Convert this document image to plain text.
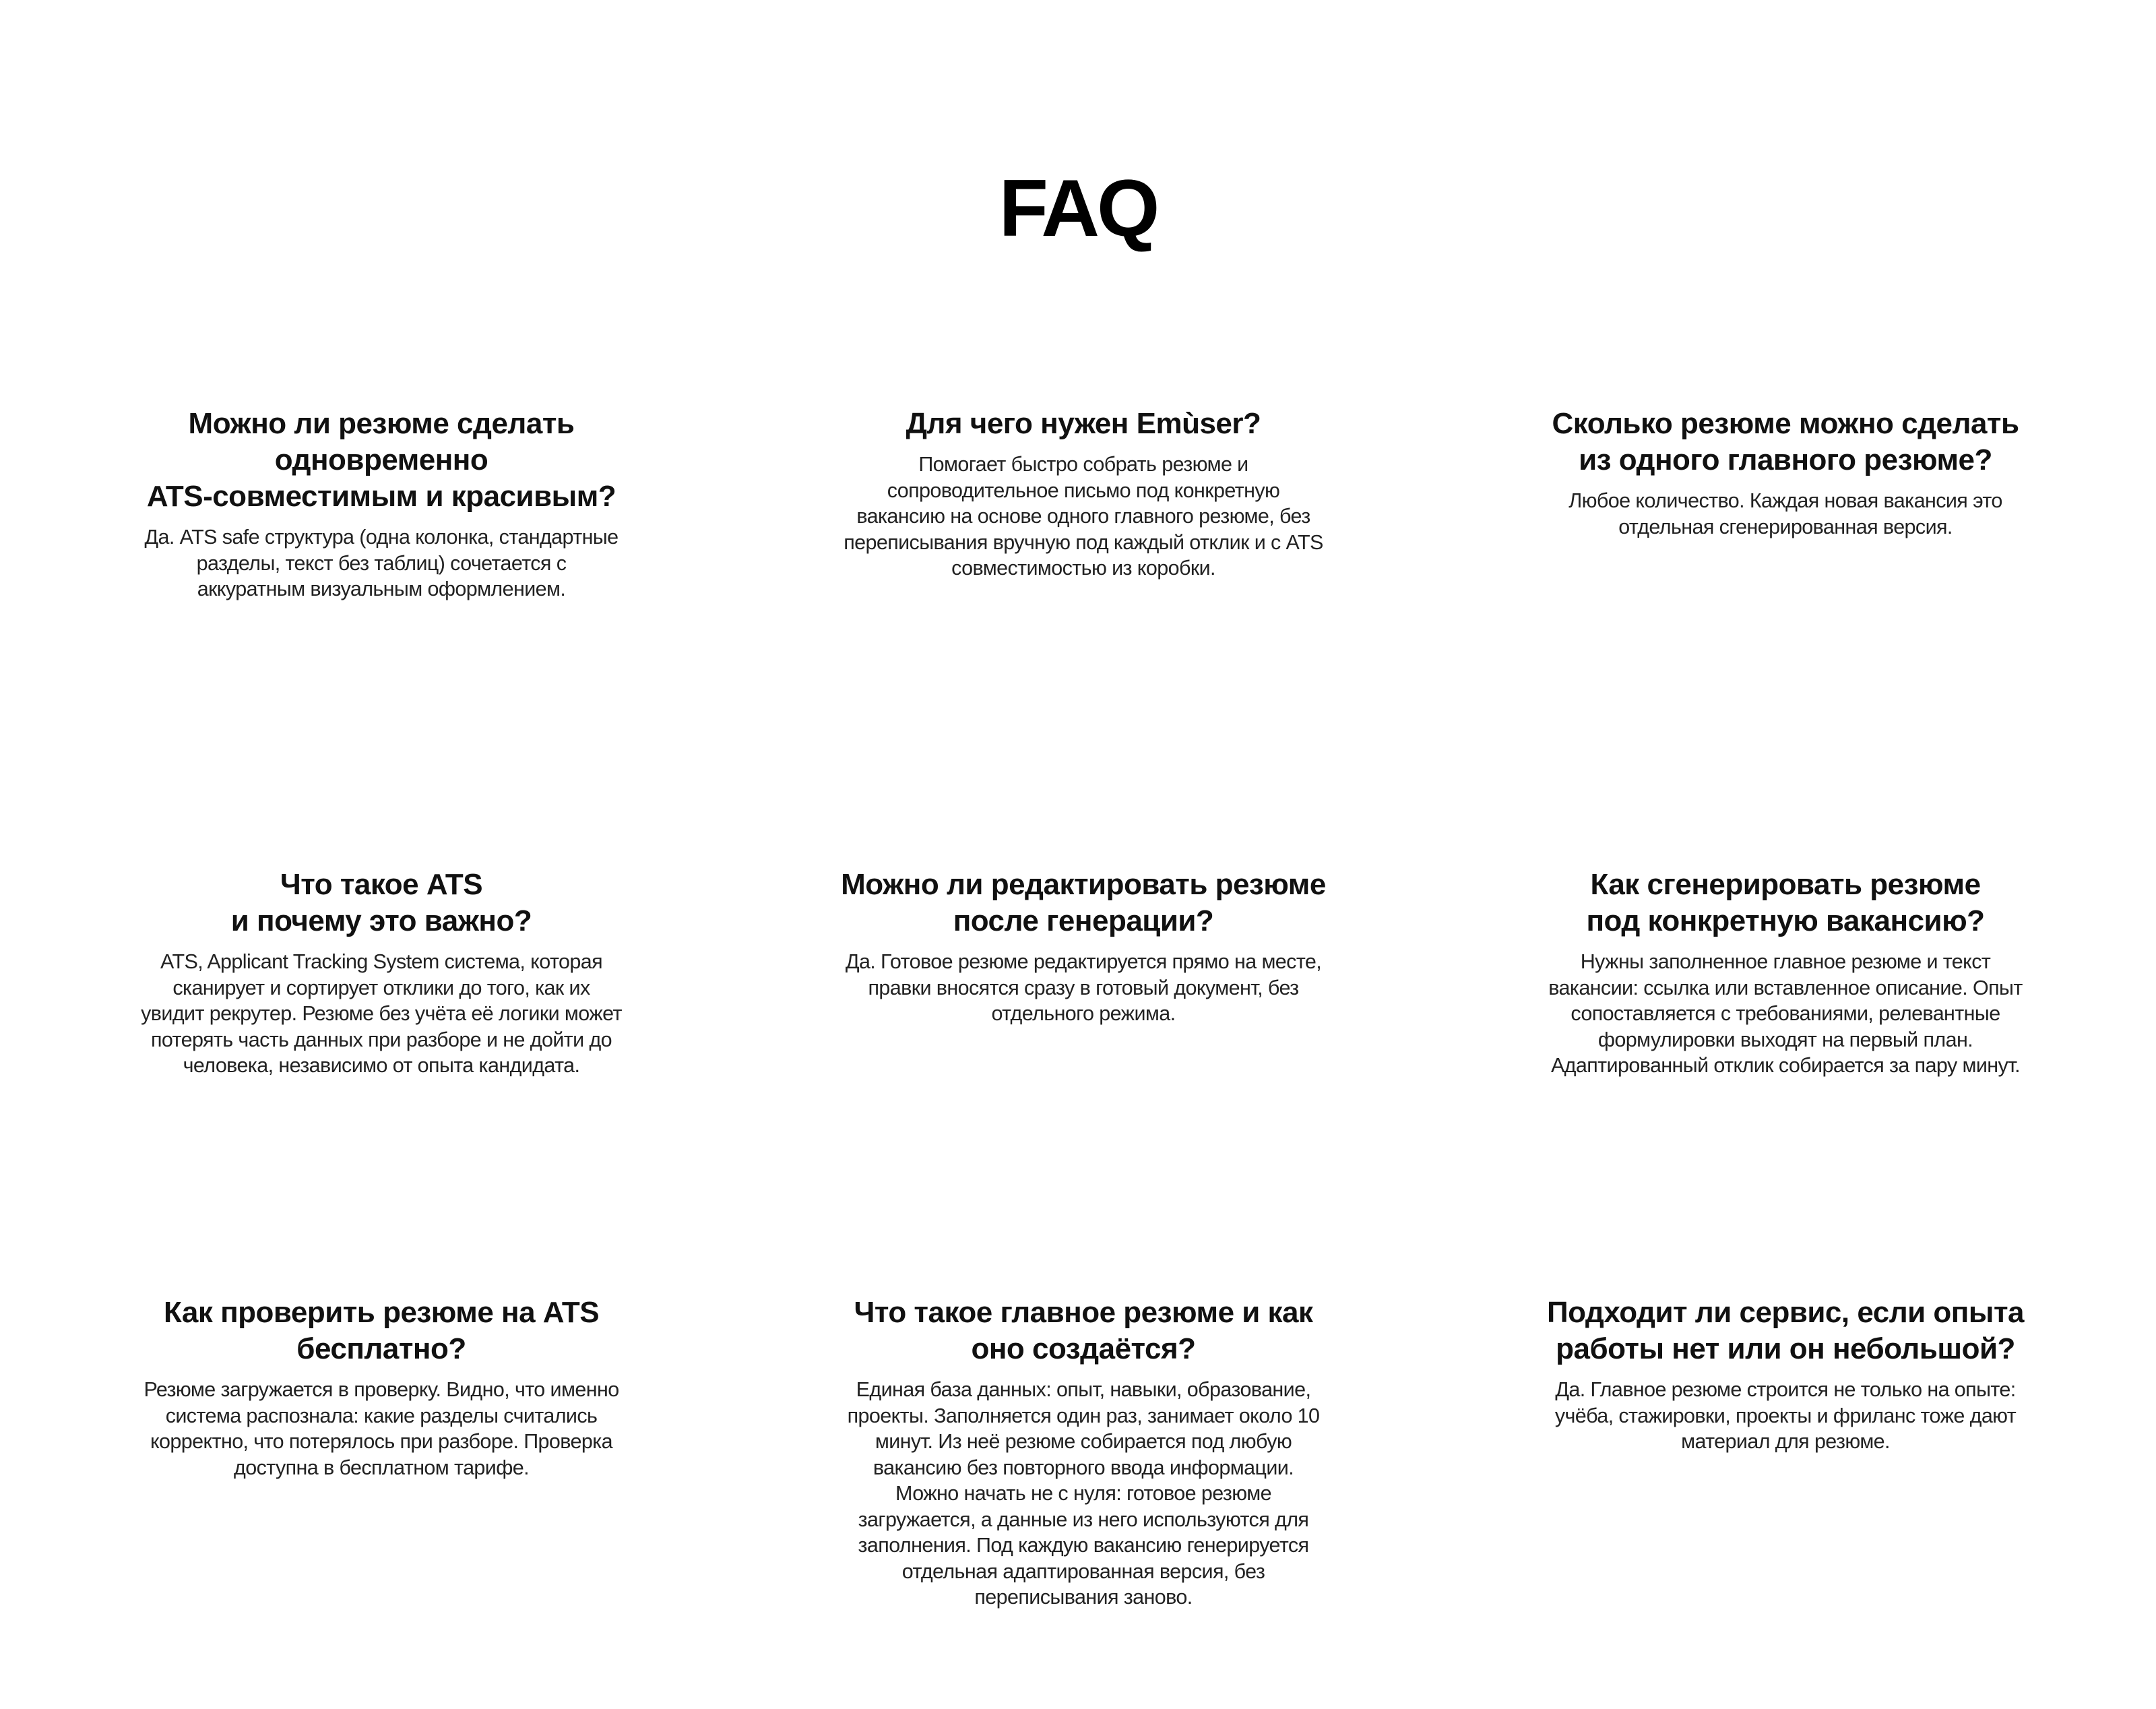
FAQ
Можно ли резюме сделать
одновременно
ATS-совместимым и красивым?

Да. ATS safe структура (одна колонка, стандартные
разделы, текст без таблиц) сочетается с
аккуратным визуальным оформлением.

Для чего нужен Emùser?

Помогает быстро собрать резюме и
сопроводительное письмо под конкретную
вакансию на основе одного главного резюме, без
переписывания вручную под каждый отклик и с ATS
совместимостью из коробки.

Сколько резюме можно сделать
из одного главного резюме?

Любое количество. Каждая новая вакансия это
отдельная сгенерированная версия.

Что такое ATS
и почему это важно?

ATS, Applicant Tracking System система, которая
сканирует и сортирует отклики до того, как их
увидит рекрутер. Резюме без учёта её логики может
потерять часть данных при разборе и не дойти до
человека, независимо от опыта кандидата.

Можно ли редактировать резюме
после генерации?

Да. Готовое резюме редактируется прямо на месте,
правки вносятся сразу в готовый документ, без
отдельного режима.

Как сгенерировать резюме
под конкретную вакансию?

Нужны заполненное главное резюме и текст
вакансии: ссылка или вставленное описание. Опыт
сопоставляется с требованиями, релевантные
формулировки выходят на первый план.
Адаптированный отклик собирается за пару минут.

Как проверить резюме на ATS
бесплатно?

Резюме загружается в проверку. Видно, что именно
система распознала: какие разделы считались
корректно, что потерялось при разборе. Проверка
доступна в бесплатном тарифе.

Что такое главное резюме и как
оно создаётся?

Единая база данных: опыт, навыки, образование,
проекты. Заполняется один раз, занимает около 10
минут. Из неё резюме собирается под любую
вакансию без повторного ввода информации.
Можно начать не с нуля: готовое резюме
загружается, а данные из него используются для
заполнения. Под каждую вакансию генерируется
отдельная адаптированная версия, без
переписывания заново.

Подходит ли сервис, если опыта
работы нет или он небольшой?

Да. Главное резюме строится не только на опыте:
учёба, стажировки, проекты и фриланс тоже дают
материал для резюме.
